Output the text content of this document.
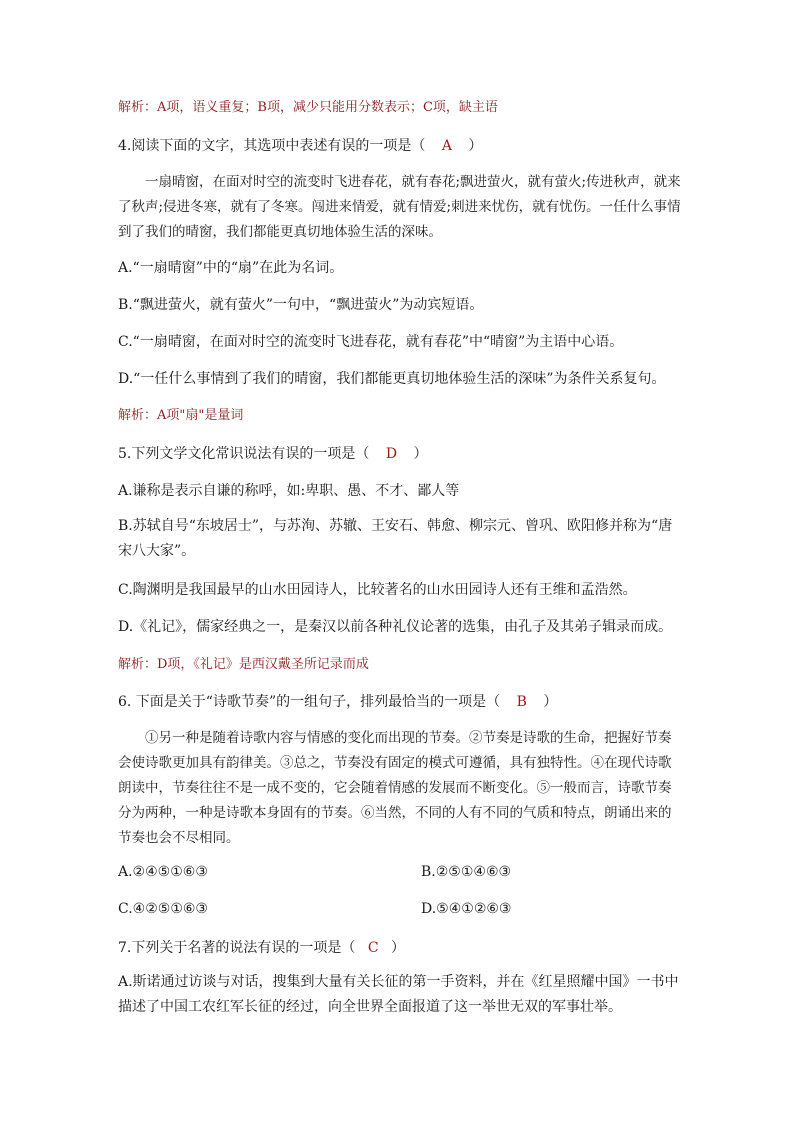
解析：A项，语义重复；B项，减少只能用分数表示；C项，缺主语
4.阅读下面的文字，其选项中表述有误的一项是（ A ）
一扇晴窗，在面对时空的流变时飞进春花，就有春花;飘进萤火，就有萤火;传进秋声，就来了秋声;侵进冬寒，就有了冬寒。闯进来情爱，就有情爱;刺进来忧伤，就有忧伤。一任什么事情到了我们的晴窗，我们都能更真切地体验生活的深味。
A.“一扇晴窗”中的“扇”在此为名词。
B.“飘进萤火，就有萤火”一句中，“飘进萤火”为动宾短语。
C.“一扇晴窗，在面对时空的流变时飞进春花，就有春花”中“晴窗”为主语中心语。
D.“一任什么事情到了我们的晴窗，我们都能更真切地体验生活的深味”为条件关系复句。
解析：A项"扇"是量词
5.下列文学文化常识说法有误的一项是（ D ）
A.谦称是表示自谦的称呼，如:卑职、愚、不才、鄙人等
B.苏轼自号“东坡居士”，与苏洵、苏辙、王安石、韩愈、柳宗元、曾巩、欧阳修并称为“唐宋八大家”。
C.陶渊明是我国最早的山水田园诗人，比较著名的山水田园诗人还有王维和孟浩然。
D.《礼记》，儒家经典之一，是秦汉以前各种礼仪论著的选集，由孔子及其弟子辑录而成。
解析：D项，《礼记》是西汉戴圣所记录而成
6. 下面是关于“诗歌节奏”的一组句子，排列最恰当的一项是（ B ）
①另一种是随着诗歌内容与情感的变化而出现的节奏。②节奏是诗歌的生命，把握好节奏会使诗歌更加具有韵律美。③总之，节奏没有固定的模式可遵循，具有独特性。④在现代诗歌朗读中，节奏往往不是一成不变的，它会随着情感的发展而不断变化。⑤一般而言，诗歌节奏分为两种，一种是诗歌本身固有的节奏。⑥当然，不同的人有不同的气质和特点，朗诵出来的节奏也会不尽相同。
A.②④⑤①⑥③	B.②⑤①④⑥③
C.④②⑤①⑥③	D.⑤④①②⑥③
7.下列关于名著的说法有误的一项是（ C ）
A.斯诺通过访谈与对话，搜集到大量有关长征的第一手资料，并在《红星照耀中国》一书中描述了中国工农红军长征的经过，向全世界全面报道了这一举世无双的军事壮举。
